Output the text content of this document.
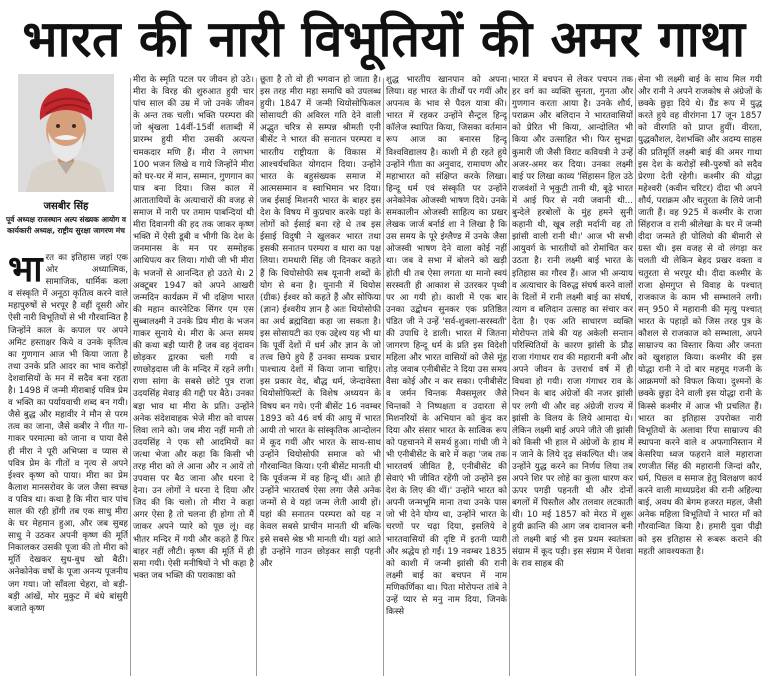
भारत की नारी विभूतियों की अमर गाथा
जसबीर सिंह
पूर्व अध्यक्ष राजस्थान अल्प संख्यक आयोग व कार्यकारी अध्यक्ष, राष्ट्रीय सुरक्षा जागरण मंच

भारत का इतिहास जहां एक ओर अध्यात्मिक, सामाजिक, धार्मिक कला व संस्कृति में अनूठा कृतित्व करने वाले महापुरुषों से भरपूर है वहीं दूसरी ओर ऐसी नारी विभूतियों से भी गौरवान्वित है जिन्होंने काल के कपाल पर अपने अमिट हस्ताक्षर किये व उनके कृतित्व का गुणगान आज भी किया जाता है तथा उनके प्रति आदर का भाव करोड़ों देशवासियों के मन में सदैव बना रहता है। 1498 में जन्मी मीराबाई पवित्र प्रेम व भक्ति का पर्यायवाची शब्द बन गयी। जैसे बुद्ध और महावीर ने मौन से परम तत्व का जाना, जैसे कबीर ने गीत गा-गाकर परमात्मा को जाना व पाया वैसे ही मीरा ने पूरी अभिप्सा व प्यास से पवित्र प्रेम के गीतों व नृत्य से अपने ईश्वर कृष्ण को पाया। मीरा का प्रेम कैलाश मानसरोवर के जल जैसा स्वच्छ व पवित्र था। कथा है कि मीरा चार पांच साल की रही होंगी तब एक साधु मीरा के घर मेहमान हुआ, और जब सुबह साधु ने उठकर अपनी कृष्ण की मूर्ति निकालकर उसकी पूजा की तो मीरा को मूर्ति देखकर सुध-बुध खो बैठी। अनेकोनेक वर्षों के पूजा अनन्य पूजनीय जग गया। जो साँवला चेहरा, वो बड़ी-बड़ी आंखें, मोर मुकुट में बंधे बांसुरी बजाते कृष्ण

मीरा के स्मृति पटल पर जीवन हो उठे। मीरा के विरह की शुरुआत हुयी चार पांच साल की उम्र में जो उनके जीवन के अन्त तक चली। भक्ति परम्परा की जो श्रृंखला 14वीं-15वीं शताब्दी में प्रारम्भ हुयी मीरा उसकी अत्यन्त चमकदार मणि हैं। मीरा ने लगभग 100 भजन लिखे व गाये जिन्होंने मीरा को घर-घर में मान, सम्मान, गुणगान का पात्र बना दिया। जिस काल में आतातायियों के अत्याचारों की वजह से समाज में नारी पर तमाम पाबन्दियां थी मीरा दिवानगी की हद तक जाकर कृष्ण भक्ति में ऐसी डूबी व भीगी कि देश के जनमानस के मन पर सम्मोहक आधिपत्य कर लिया। गांधी जी भी मीरा के भजनों से आनन्दित हो उठते थे। 2 अक्टूबर 1947 को अपने आखरी जन्मदिन कार्यक्रम में भी दक्षिण भारत की महान कारनेटिक सिंगर एम एस सुब्बालक्ष्मी ने उनके प्रिय मीरा के भजन गाकर सुनाये थे। मीरा के अन्त समय की कथा बड़ी प्यारी है जब वह वृंदावन छोड़कर द्वारका चली गयी व रणछोड़दास जी के मन्दिर में रहने लगी। राणा सांगा के सबसे छोटे पुत्र राजा उदयसिंह मेवाड़ की गद्दी पर बैठे। उनका बड़ा भाव था मीरा के प्रति। उन्होंने अनेक संदेशवाहक भेजे मीरा को वापस लिवा लाने को। जब मीरा नहीं मानी तो उदयसिंह ने एक सौ आदमियों का जत्था भेजा और कहा कि किसी भी तरह मीरा को ले आना और न आयें तो उपवास पर बैठ जाना और धरना दे देना। उन लोगों ने धरना दे दिया और जिद की कि चलो। तो मीरा ने कहा अगर ऐसा है तो चलना ही होगा तो मैं जाकर अपने प्यारे को पूछ लूं। वह भीतर मन्दिर में गयी और कहते हैं फिर बाहर नहीं लौटी। कृष्ण की मूर्ति में ही समा गयी। ऐसी मनीषियों ने भी कहा है भक्त जब भक्ति की पराकाष्ठा को

छूता है तो वो ही भगवान हो जाता है। इस तरह मीरा महा समाधि को उपलब्ध हुयी। 1847 में जन्मी थियोसोफिकल सोसायटी की अविरल गति देने वाली अद्भुत चरित्र से सम्पन्न श्रीमती एनी बीसेंट ने भारत की सनातन परम्परा व भारतीय राष्ट्रीयता के विकास में आश्चर्यचकित योगदान दिया। उन्होंने भारत के बहुसंख्यक समाज में आत्मसम्मान व स्वाभिमान भर दिया। जब ईसाई मिशनरी भारत के बाहर इस देश के विषय में कुप्रचार करके यहां के लोगों को ईसाई बना रहे थे तब इस ईसाई विदुषी ने खुलकर भारत तथा इसकी सनातन परम्परा व धारा का पक्ष लिया। रामधारी सिंह जी दिनकर कहते हैं कि थियोसोफी सब यूनानी शब्दों के योग से बना है। यूनानी में थियोस (ग्रीक) ईश्वर को कहते हैं और सोफिया (ज्ञान) ईश्वरीय ज्ञान है अतः थियोसोफी का अर्थ ब्रह्मविद्या कहा जा सकता है। इस सोसायटी का एक उद्देश्य यह भी था कि पूर्वी देशों में धर्म और ज्ञान के जो तत्त्व छिपे हुये हैं उनका सम्यक प्रचार पाश्चात्य देशों में किया जाना चाहिए। इस प्रकार वेद, बौद्ध धर्म, जेन्दावेस्ता थियोसोफिस्टों के विशेष अध्ययन के विषय बन गये। एनी बीसेंट 16 नवम्बर 1893 को 46 वर्ष की आयु में भारत आयी तो भारत के सांस्कृतिक आन्दोलन में कूद गयीं और भारत के साथ-साथ उन्होंने थियोसोफी समाज को भी गौरवान्वित किया। एनी बीसेंट मानती थी कि पूर्वजन्म में वह हिन्दू थीं। आते ही उन्होंने भारतवर्ष ऐसा लगा जैसे अनेक जन्मों से वे यहां जन्म लेती आयी हों। यहां की सनातन परम्परा को यह न केवल सबसे प्राचीन मानती थी बल्कि इसे सबसे श्रेष्ठ भी मानती थी। यहां आते ही उन्होंने गाउन छोड़कर साड़ी पहनी और

शुद्ध भारतीय खानपान को अपना लिया। वह भारत के तीर्थों पर गयीं और अपनत्व के भाव से पैदल यात्रा की। भारत में रहकर उन्होंने सैन्ट्रल हिन्दू कॉलेज स्थापित किया, जिसका वर्तमान रूप आज का बनारस हिन्दू विश्वविद्यालय है। काशी में ही रहते हुये उन्होंने गीता का अनुवाद, रामायण और महाभारत को संक्षिप्त करके लिखा। हिन्दू धर्म एवं संस्कृति पर उन्होंने अनेकोनेक ओजस्वी भाषण दिये। उनके समकालीन ओजस्वी साहित्य का प्रखर लेखक जार्ज बर्नार्ड शा ने लिखा है कि उस समय के पूरे इंग्लैण्ड में उनके जैसा ओजस्वी भाषण देने वाला कोई नहीं था। जब वे सभा में बोलने को खड़ी होती थी तब ऐसा लगता था मानो स्वयं सरस्वती ही आकाश से उतरकर पृथ्वी पर आ गयी हो। काशी में एक बार उनका उद्बोधन सुनकर एक प्रतिष्ठित पंडित जी ने उन्हें 'सर्व-शुक्ला-सरस्वती' की उपाधि दे डाली। भारत में जितना जागरण हिन्दू धर्म के प्रति इस विदेशी महिला और भारत वासियों को जैसे मूंह तोड़ जवाब एनीबीसेंट ने दिया उस समय वैसा कोई और न कर सका। एनीबीसेंट व जर्मन चिन्तक मैक्समूलर जैसे चिन्तकों ने निष्पक्षता व उदारता से मिशनरियों के अभियान को कुंद कर दिया और संसार भारत के सात्विक रूप को पहचानने में समर्थ हुआ। गांधी जी ने भी एनीबीसेंट के बारे में कहा 'जब तक भारतवर्ष जीवित है, एनीबीसेंट की सेवाएं भी जीवित रहेंगी जो उन्होंने इस देश के लिए की थीं।' उन्होंने भारत को अपनी जन्मभूमि माना तथा उनके पास जो भी देने योग्य था, उन्होंने भारत के चरणों पर चढ़ा दिया, इसलिये वे भारतवासियों की दृष्टि में इतनी प्यारी और श्रद्धेय हो गईं। 19 नवम्बर 1835 को काशी में जन्मी झांसी की रानी लक्ष्मी बाई का बचपन में नाम मणिकर्णिका था। पिता मोरोपन्त तांबे ने उन्हें प्यार से मनु नाम दिया, जिनके किस्से

भारत में बचपन से लेकर पचपन तक हर वर्ग का व्यक्ति सुनता, गुनता और गुणगान करता आया है। उनके शौर्य, पराक्रम और बलिदान ने भारतवासियों को प्रेरित भी किया, आन्दोलित भी किया और उत्साहित भी। फिर सुभद्रा कुमारी जी जैसी विराट कवियत्री ने उन्हें अजर-अमर कर दिया। उनका लक्ष्मी बाई पर लिखा काव्य 'सिंहासन हिल उठे राजवंशों ने भृकुटी तानी थी, बूढ़े भारत में आई फिर से नयी जवानी थी... बुन्देले हरबोलों के मुंह हमने सुनी कहानी थी, खूब लड़ी मर्दानी वह तो झांसी वाली रानी थी।' आज भी सभी आयुवर्ग के भारतीयों को रोमांचित कर उठता है। रानी लक्ष्मी बाई भारत के इतिहास का गौरव हैं। आज भी अन्याय व अत्याचार के विरुद्ध संघर्ष करने वालों के दिलों में रानी लक्ष्मी बाई का संघर्ष, त्याग व बलिदान उत्साह का संचार कर देता है। एक अति साधारण व्यक्ति मोरोपन्त तांबे की यह अकेली सन्तान परिस्थितियों के कारण झांसी के प्रौढ़ राजा गंगाधर राव की महारानी बनी और अपने जीवन के उत्तरार्ध वर्ष में ही विधवा हो गयी। राजा गंगाधर राव के निधन के बाद अंग्रेजों की नजर झांसी पर लगी थी और वह अंग्रेजी राज्य में झांसी के विलय के लिये आमादा थे। लेकिन लक्ष्मी बाई अपने जीते जी झांसी को किसी भी हाल में अंग्रेजों के हाथ में न जाने के लिये दृढ़ संकल्पित थी। जब उन्होंने युद्ध करने का निर्णय लिया तब अपने शिर पर लोहे का कुला धारण कर ऊपर पगड़ी पहनती थी और दोनों बगलों में पिस्तौल और तलवार लटकाती थी। 10 मई 1857 को मेरठ में शुरू हुयी क्रान्ति की आग जब दावानल बनी तो लक्ष्मी बाई भी इस प्रथम स्वतंत्रता संग्राम में कूद पड़ी। इस संग्राम में पेशवा के राव साहब की

सेना भी लक्ष्मी बाई के साथ मिल गयी और रानी ने अपने राजकोष से अंग्रेजों के छक्के छुड़ा दिये थे। ग्रैंड रूप में युद्ध करते हुये वह वीरांगना 17 जून 1857 को वीरगति को प्राप्त हुयीं। वीरता, युद्धकौशल, देशभक्ति और अदम्य साहस की प्रतिमूर्ति लक्ष्मी बाई की अमर गाथा इस देश के करोड़ों स्त्री-पुरुषों को सदैव प्रेरणा देती रहेगी। कश्मीर की योद्धा महेश्वरी (कवीन चरिटर) दीदा भी अपने शौर्य, पराक्रम और चतुरता के लिये जानी जाती हैं। वह 925 में कश्मीर के राजा सिंहराज व रानी श्रीलेखा के घर में जन्मी दीदा जन्मते ही पोलियो की बीमारी से ग्रस्त थी। इस वजह से वो लंगड़ा कर चलती थी लेकिन बेहद प्रखर वक्ता व चतुरता से भरपूर थी। दीदा कश्मीर के राजा क्षेमगुप्त से विवाह के पश्चात् राजकाज के काम भी सम्भालने लगी। सन् 950 में महारानी की मृत्यु पश्चात् भारत के पहाड़ों को जिस तरह पुत्र के कौशल से राजकाज को सम्भाला, अपने साम्राज्य का विस्तार किया और जनता को खुशहाल किया। कश्मीर की इस योद्धा रानी ने दो बार महमूद गजनी के आक्रमणों को विफल किया। दुश्मनों के छक्के छुड़ा देने वाली इस योद्धा रानी के किस्से कश्मीर में आज भी प्रचलित हैं। भारत का इतिहास उपरोक्त नारी विभूतियों के अलावा रिंपा साम्राज्य की स्थापना करने वाले व अफगानिस्तान में केसरिया ध्वज फहराने वाले महाराजा रणजीत सिंह की महारानी जिन्दां कौर, धर्म, पिछ्ल व समाज हेतु विलक्षण कार्य करने वाली माध्यप्रदेश की रानी अहिल्या बाई, अवध की बेगम हजरत महल, जैसी अनेक महिला विभूतियों ने भारत माँ को गौरवान्वित किया है। हमारी युवा पीढ़ी को इस इतिहास से रूबरू कराने की महती आवश्यकता है।
